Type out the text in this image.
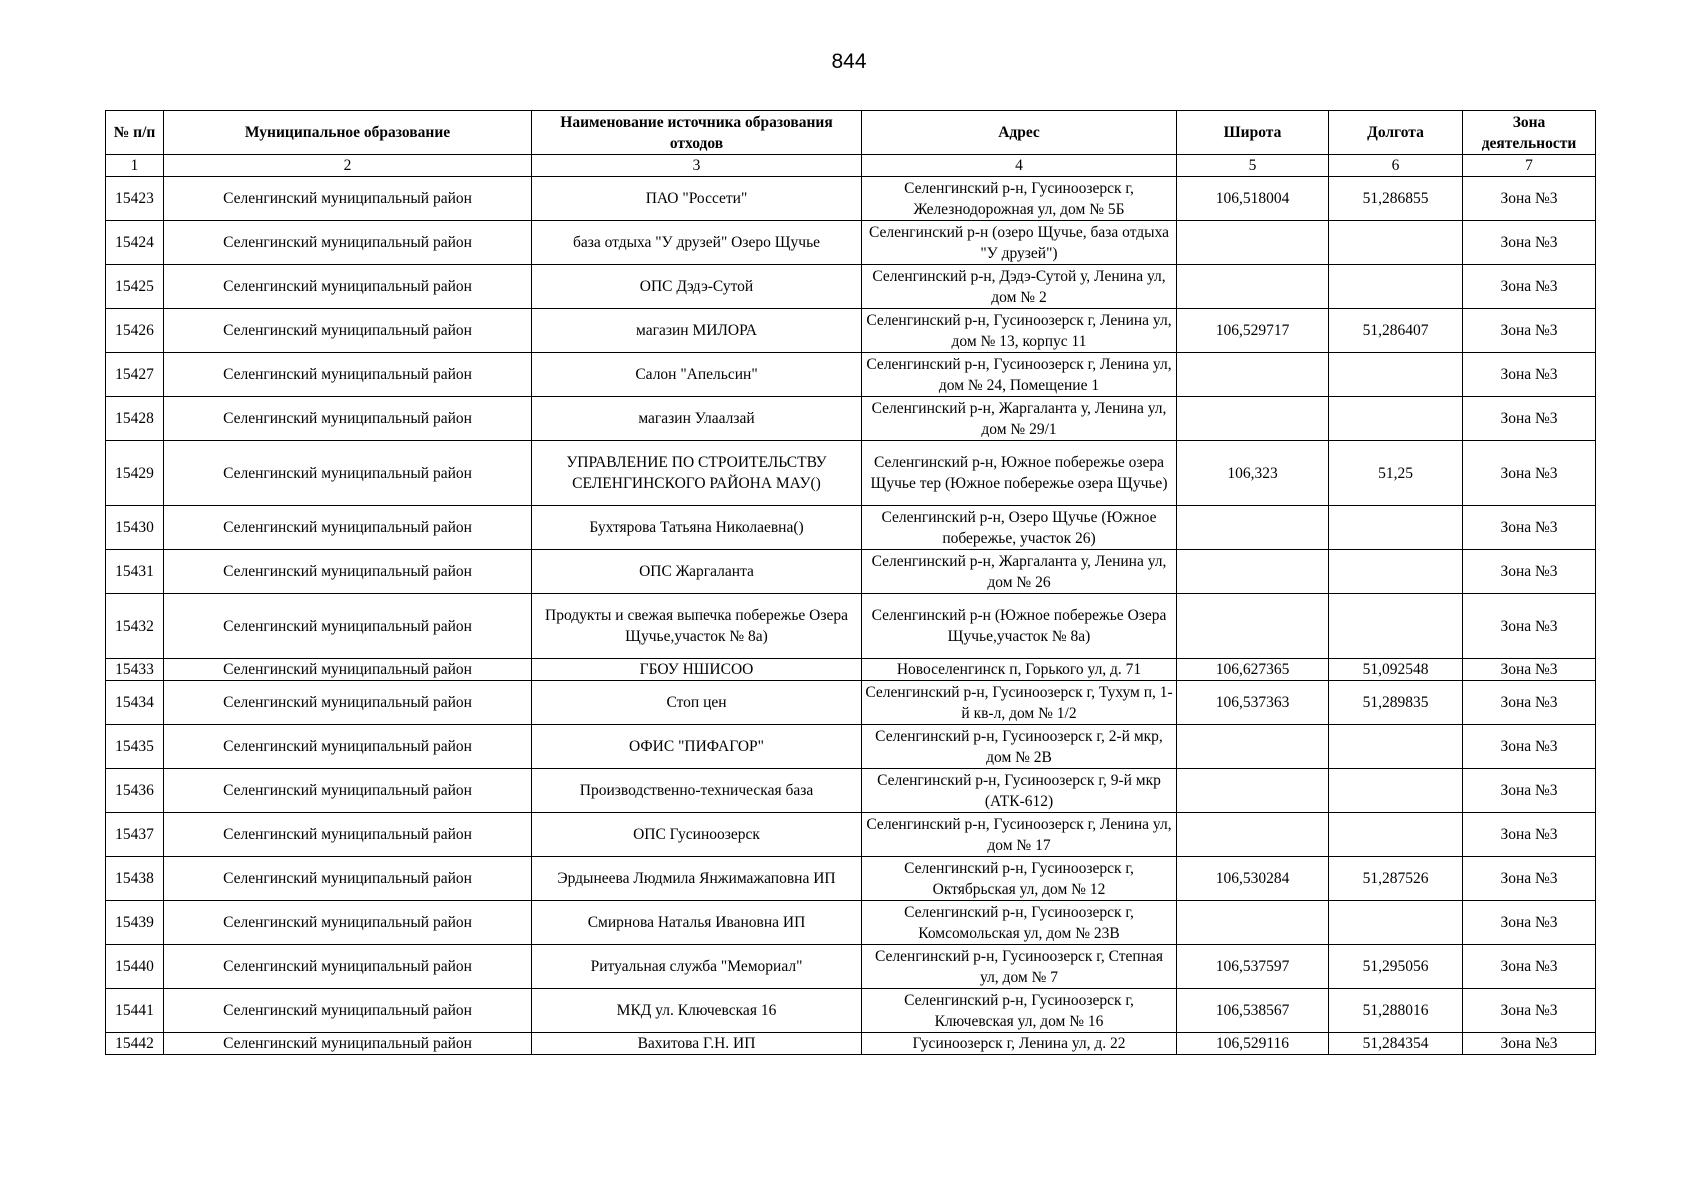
844
№ п/п	Муниципальное образование	Наименование источника образования отходов	Адрес	Широта	Долгота	Зона деятельности
1	2	3	4	5	6	7
15423	Селенгинский муниципальный район	ПАО "Россети"	Селенгинский р-н, Гусиноозерск г, Железнодорожная ул, дом № 5Б	106,518004	51,286855	Зона №3
15424	Селенгинский муниципальный район	база отдыха "У друзей" Озеро Щучье	Селенгинский р-н (озеро Щучье, база отдыха "У друзей")			Зона №3
15425	Селенгинский муниципальный район	ОПС Дэдэ-Сутой	Селенгинский р-н, Дэдэ-Сутой у, Ленина ул, дом № 2			Зона №3
15426	Селенгинский муниципальный район	магазин МИЛОРА	Селенгинский р-н, Гусиноозерск г, Ленина ул, дом № 13, корпус 11	106,529717	51,286407	Зона №3
15427	Селенгинский муниципальный район	Салон "Апельсин"	Селенгинский р-н, Гусиноозерск г, Ленина ул, дом № 24, Помещение 1			Зона №3
15428	Селенгинский муниципальный район	магазин Улаалзай	Селенгинский р-н, Жаргаланта у, Ленина ул, дом № 29/1			Зона №3
15429	Селенгинский муниципальный район	УПРАВЛЕНИЕ ПО СТРОИТЕЛЬСТВУ СЕЛЕНГИНСКОГО РАЙОНА МАУ()	Селенгинский р-н, Южное побережье озера Щучье тер (Южное побережье озера Щучье)	106,323	51,25	Зона №3
15430	Селенгинский муниципальный район	Бухтярова Татьяна Николаевна()	Селенгинский р-н, Озеро Щучье (Южное побережье, участок 26)			Зона №3
15431	Селенгинский муниципальный район	ОПС Жаргаланта	Селенгинский р-н, Жаргаланта у, Ленина ул, дом № 26			Зона №3
15432	Селенгинский муниципальный район	Продукты и свежая выпечка побережье Озера Щучье,участок № 8а)	Селенгинский р-н (Южное побережье Озера Щучье,участок № 8а)			Зона №3
15433	Селенгинский муниципальный район	ГБОУ НШИСОО	Новоселенгинск п, Горького ул, д. 71	106,627365	51,092548	Зона №3
15434	Селенгинский муниципальный район	Стоп цен	Селенгинский р-н, Гусиноозерск г, Тухум п, 1-й кв-л, дом № 1/2	106,537363	51,289835	Зона №3
15435	Селенгинский муниципальный район	ОФИС "ПИФАГОР"	Селенгинский р-н, Гусиноозерск г, 2-й мкр, дом № 2В			Зона №3
15436	Селенгинский муниципальный район	Производственно-техническая база	Селенгинский р-н, Гусиноозерск г, 9-й мкр (АТК-612)			Зона №3
15437	Селенгинский муниципальный район	ОПС Гусиноозерск	Селенгинский р-н, Гусиноозерск г, Ленина ул, дом № 17			Зона №3
15438	Селенгинский муниципальный район	Эрдынеева Людмила Янжимажаповна ИП	Селенгинский р-н, Гусиноозерск г, Октябрьская ул, дом № 12	106,530284	51,287526	Зона №3
15439	Селенгинский муниципальный район	Смирнова Наталья Ивановна ИП	Селенгинский р-н, Гусиноозерск г, Комсомольская ул, дом № 23В			Зона №3
15440	Селенгинский муниципальный район	Ритуальная служба "Мемориал"	Селенгинский р-н, Гусиноозерск г, Степная ул, дом № 7	106,537597	51,295056	Зона №3
15441	Селенгинский муниципальный район	МКД ул. Ключевская 16	Селенгинский р-н, Гусиноозерск г, Ключевская ул, дом № 16	106,538567	51,288016	Зона №3
15442	Селенгинский муниципальный район	Вахитова Г.Н. ИП	Гусиноозерск г, Ленина ул, д. 22	106,529116	51,284354	Зона №3
